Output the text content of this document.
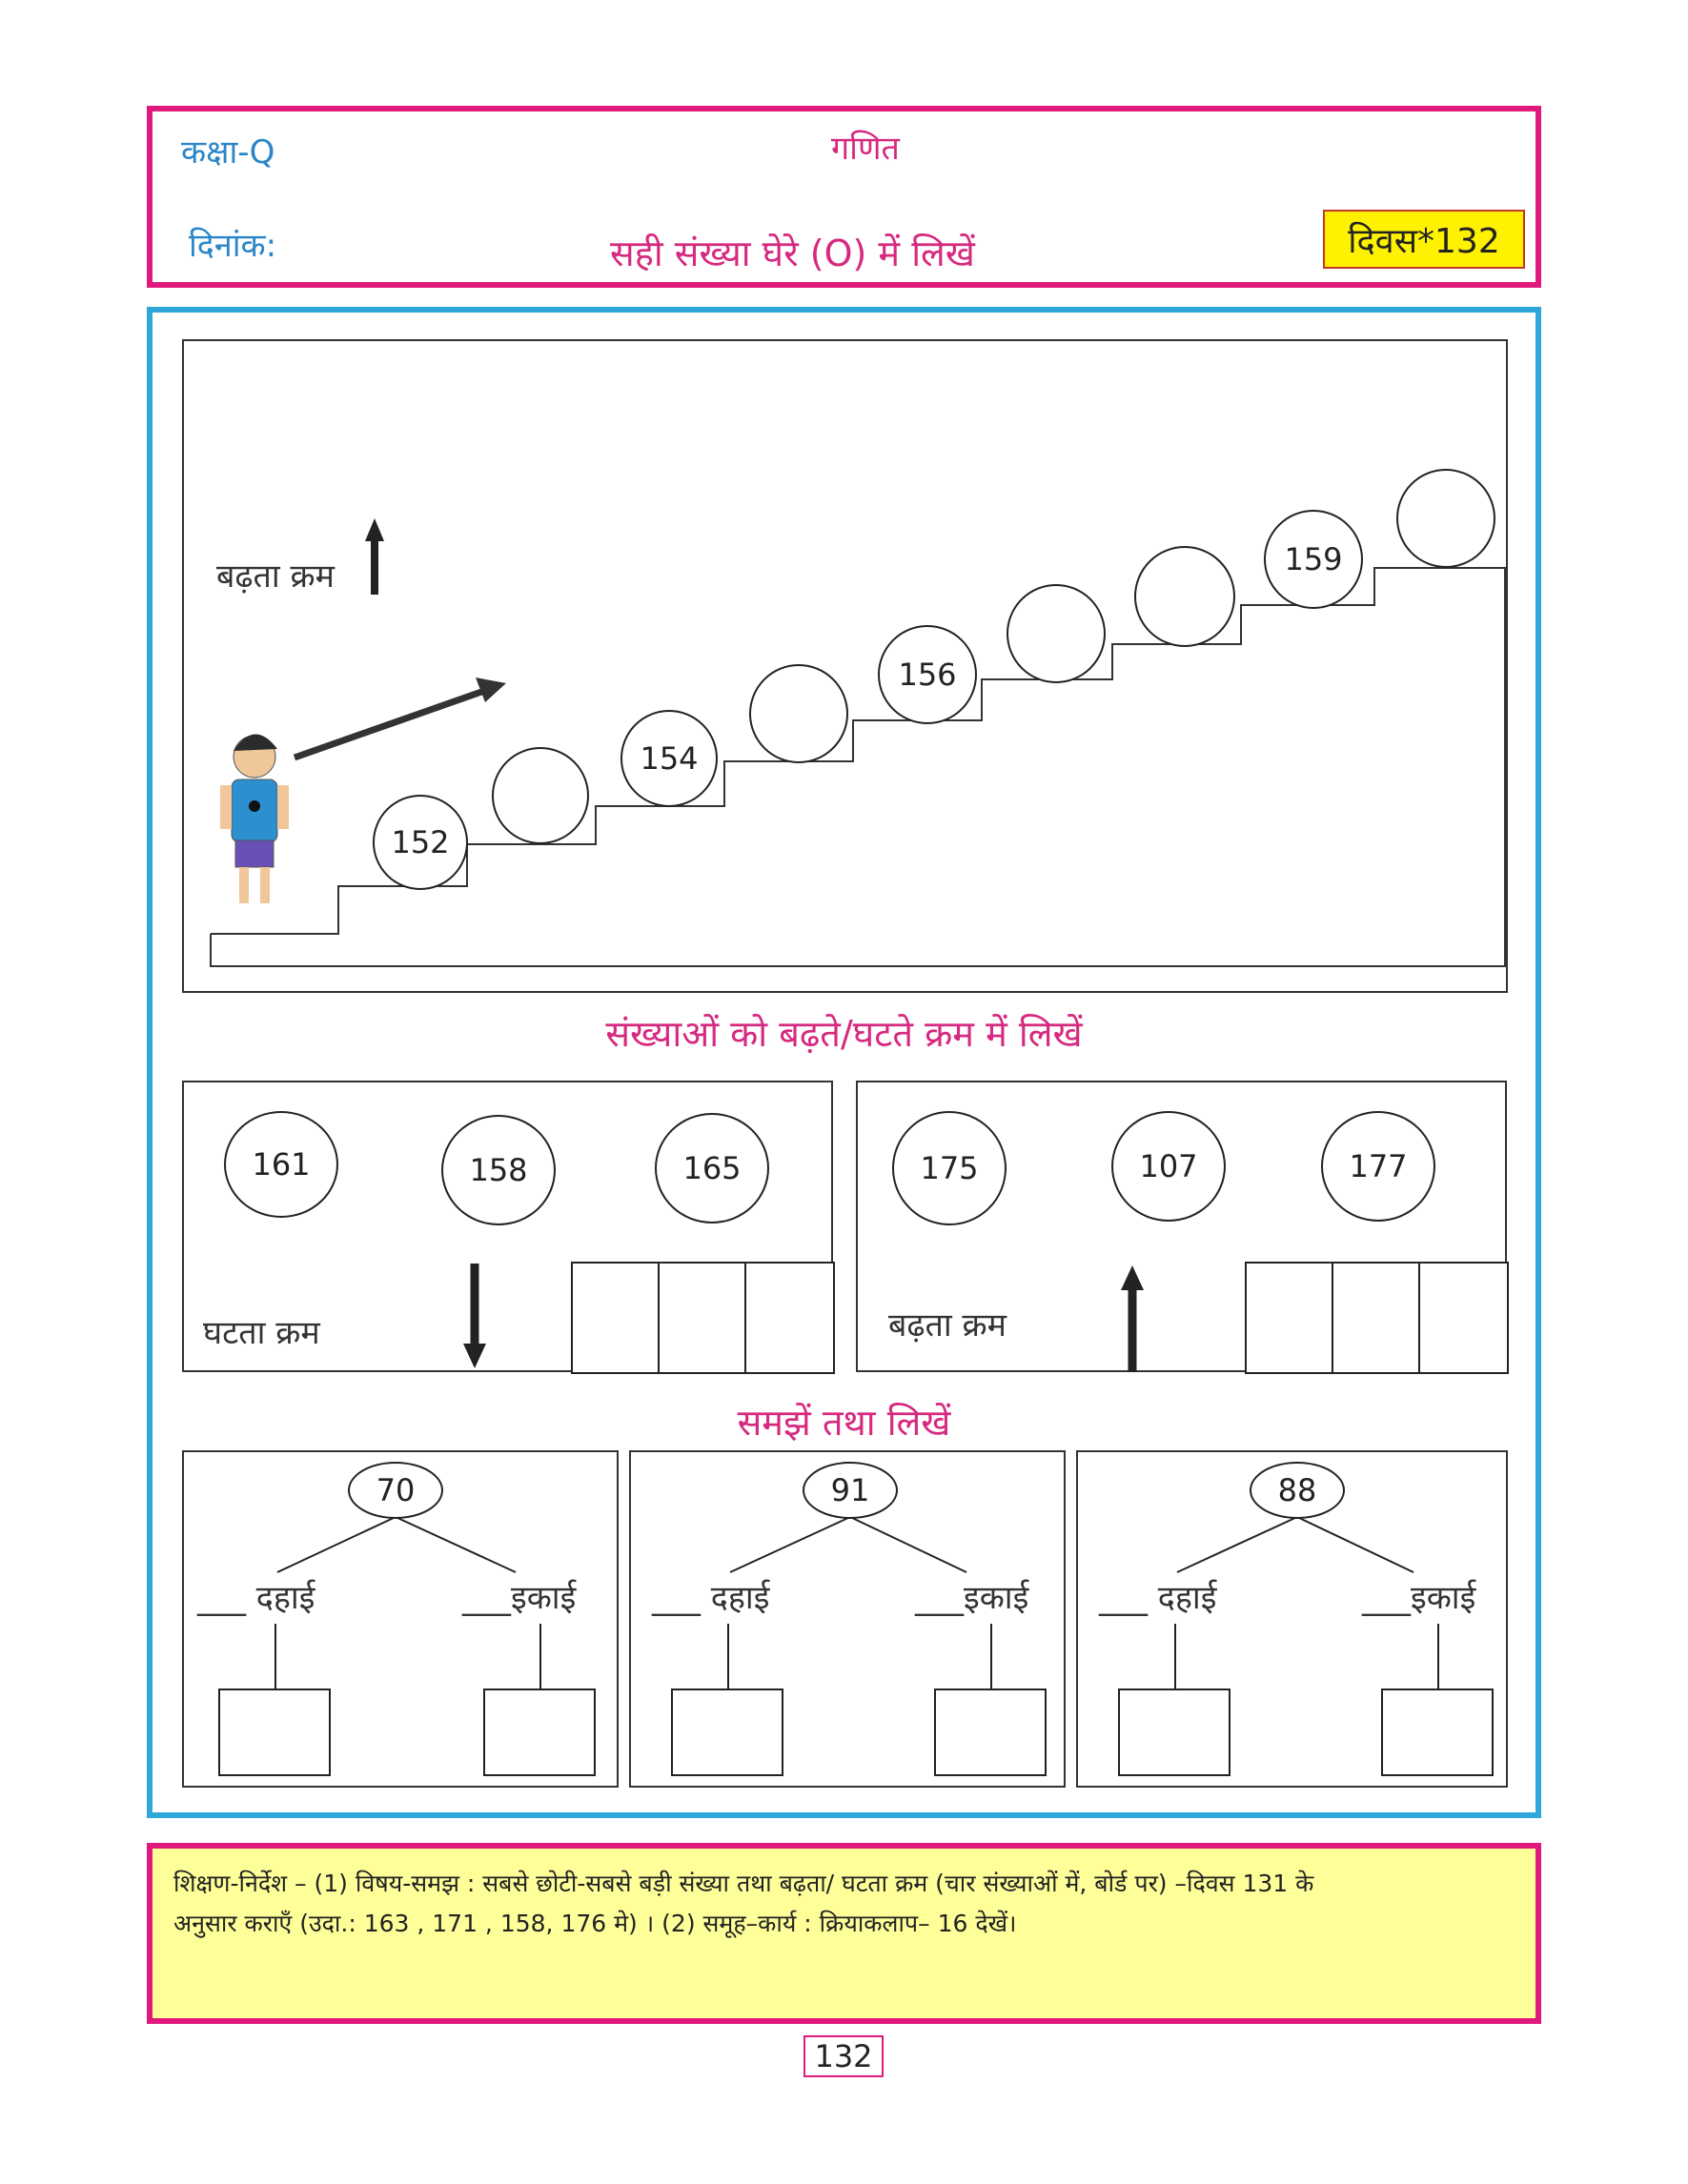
कक्षा-Q	गणित
दिनांक:	सही संख्या घेरे (O) में लिखें	दिवस*132
बढ़ता क्रम
152
154
156
159
संख्याओं को बढ़ते/घटते क्रम में लिखें
161	158	165
घटता क्रम
175	107	177
बढ़ता क्रम
समझें तथा लिखें
70
___ दहाई	___इकाई
91
___ दहाई	___इकाई
88
___ दहाई	___इकाई
शिक्षण-निर्देश – (1) विषय-समझ : सबसे छोटी-सबसे बड़ी संख्या तथा बढ़ता/ घटता क्रम (चार संख्याओं में, बोर्ड पर) –दिवस 131 के
अनुसार कराएँ (उदा.: 163 , 171 , 158, 176 मे) । (2) समूह–कार्य : क्रियाकलाप– 16 देखें।
132
